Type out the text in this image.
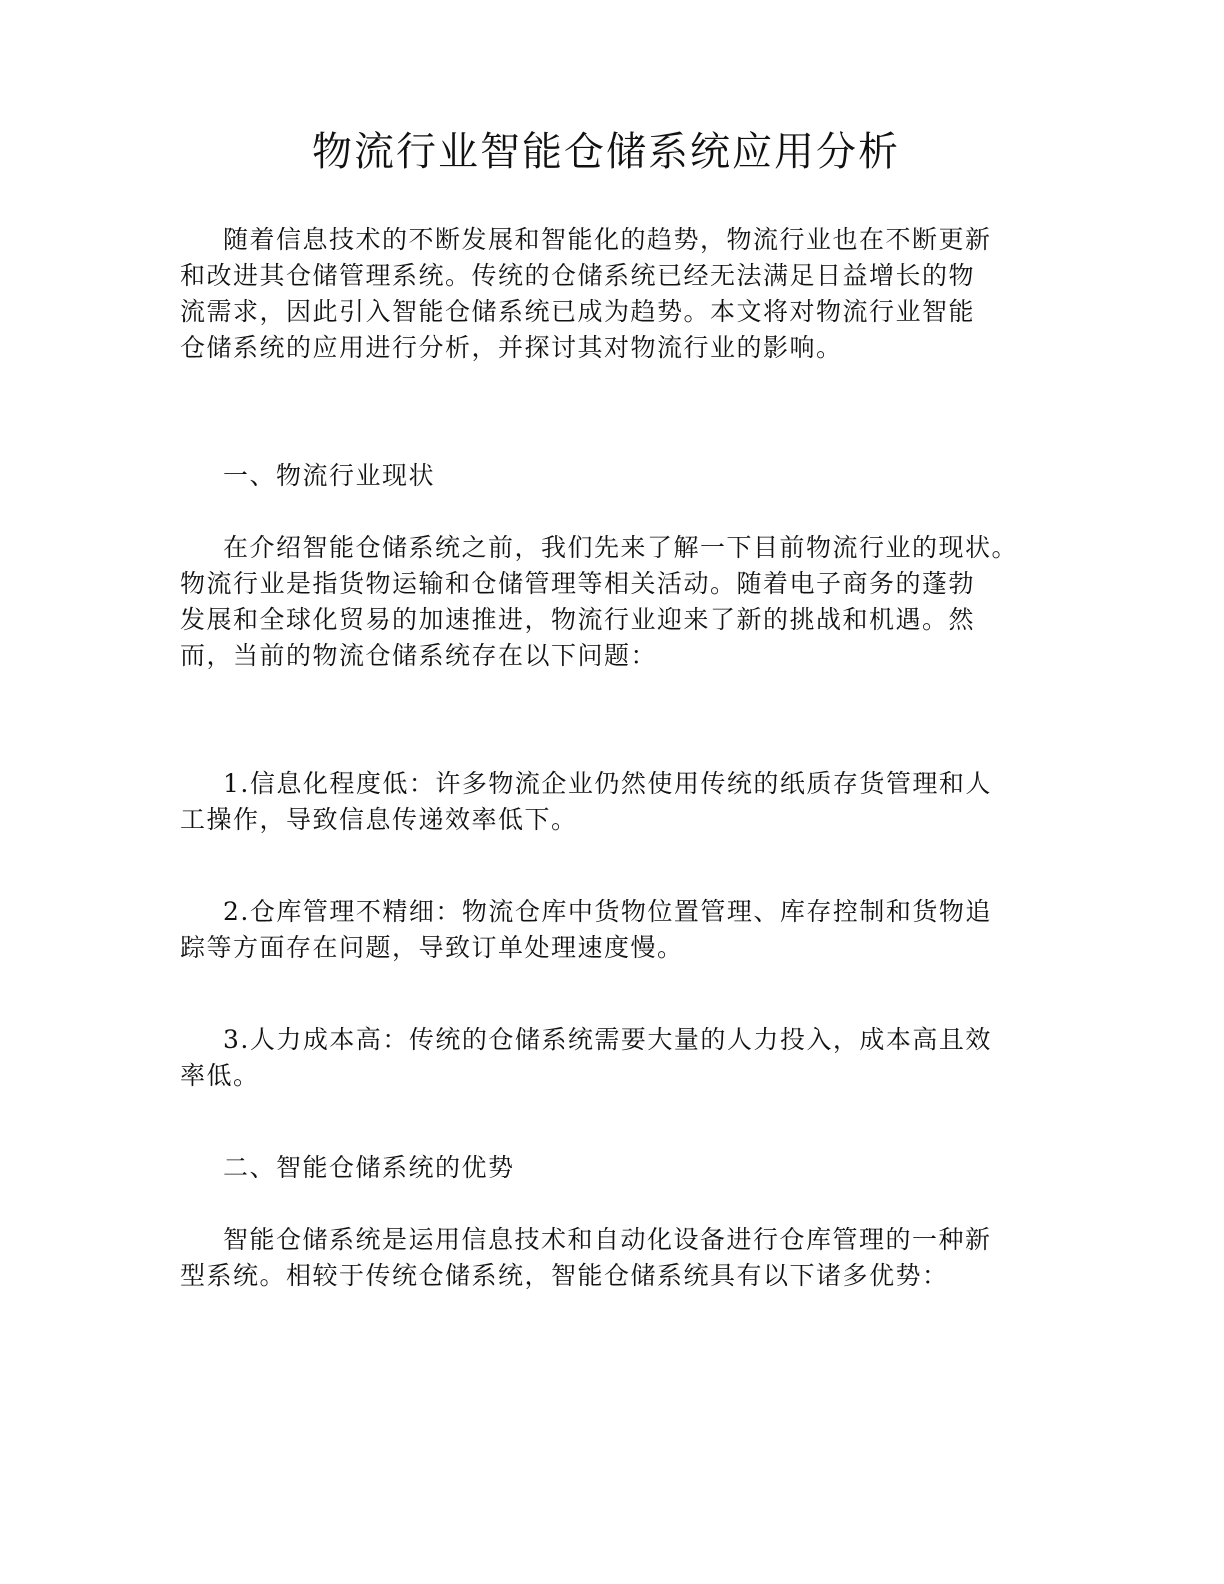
物流行业智能仓储系统应用分析

随着信息技术的不断发展和智能化的趋势，物流行业也在不断更新
和改进其仓储管理系统。传统的仓储系统已经无法满足日益增长的物
流需求，因此引入智能仓储系统已成为趋势。本文将对物流行业智能
仓储系统的应用进行分析，并探讨其对物流行业的影响。

一、物流行业现状

在介绍智能仓储系统之前，我们先来了解一下目前物流行业的现状。
物流行业是指货物运输和仓储管理等相关活动。随着电子商务的蓬勃
发展和全球化贸易的加速推进，物流行业迎来了新的挑战和机遇。然
而，当前的物流仓储系统存在以下问题：

1.信息化程度低：许多物流企业仍然使用传统的纸质存货管理和人
工操作，导致信息传递效率低下。

2.仓库管理不精细：物流仓库中货物位置管理、库存控制和货物追
踪等方面存在问题，导致订单处理速度慢。

3.人力成本高：传统的仓储系统需要大量的人力投入，成本高且效
率低。

二、智能仓储系统的优势

智能仓储系统是运用信息技术和自动化设备进行仓库管理的一种新
型系统。相较于传统仓储系统，智能仓储系统具有以下诸多优势：
